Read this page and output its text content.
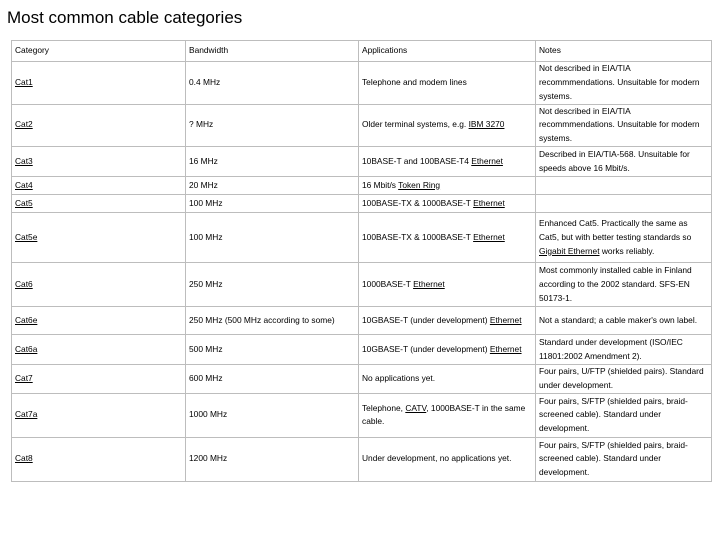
Most common cable categories
Category	Bandwidth	Applications	Notes
Cat1	0.4 MHz	Telephone and modem lines	Not described in EIA/TIA recommmendations. Unsuitable for modern systems.
Cat2	? MHz	Older terminal systems, e.g. IBM 3270	Not described in EIA/TIA recommmendations. Unsuitable for modern systems.
Cat3	16 MHz	10BASE-T and 100BASE-T4 Ethernet	Described in EIA/TIA-568. Unsuitable for speeds above 16 Mbit/s.
Cat4	20 MHz	16 Mbit/s Token Ring	
Cat5	100 MHz	100BASE-TX & 1000BASE-T Ethernet	
Cat5e	100 MHz	100BASE-TX & 1000BASE-T Ethernet	Enhanced Cat5. Practically the same as Cat5, but with better testing standards so Gigabit Ethernet works reliably.
Cat6	250 MHz	1000BASE-T Ethernet	Most commonly installed cable in Finland according to the 2002 standard. SFS-EN 50173-1.
Cat6e	250 MHz (500 MHz according to some)	10GBASE-T (under development) Ethernet	Not a standard; a cable maker's own label.
Cat6a	500 MHz	10GBASE-T (under development) Ethernet	Standard under development (ISO/IEC 11801:2002 Amendment 2).
Cat7	600 MHz	No applications yet.	Four pairs, U/FTP (shielded pairs). Standard under development.
Cat7a	1000 MHz	Telephone, CATV, 1000BASE-T in the same cable.	Four pairs, S/FTP (shielded pairs, braid-screened cable). Standard under development.
Cat8	1200 MHz	Under development, no applications yet.	Four pairs, S/FTP (shielded pairs, braid-screened cable). Standard under development.
